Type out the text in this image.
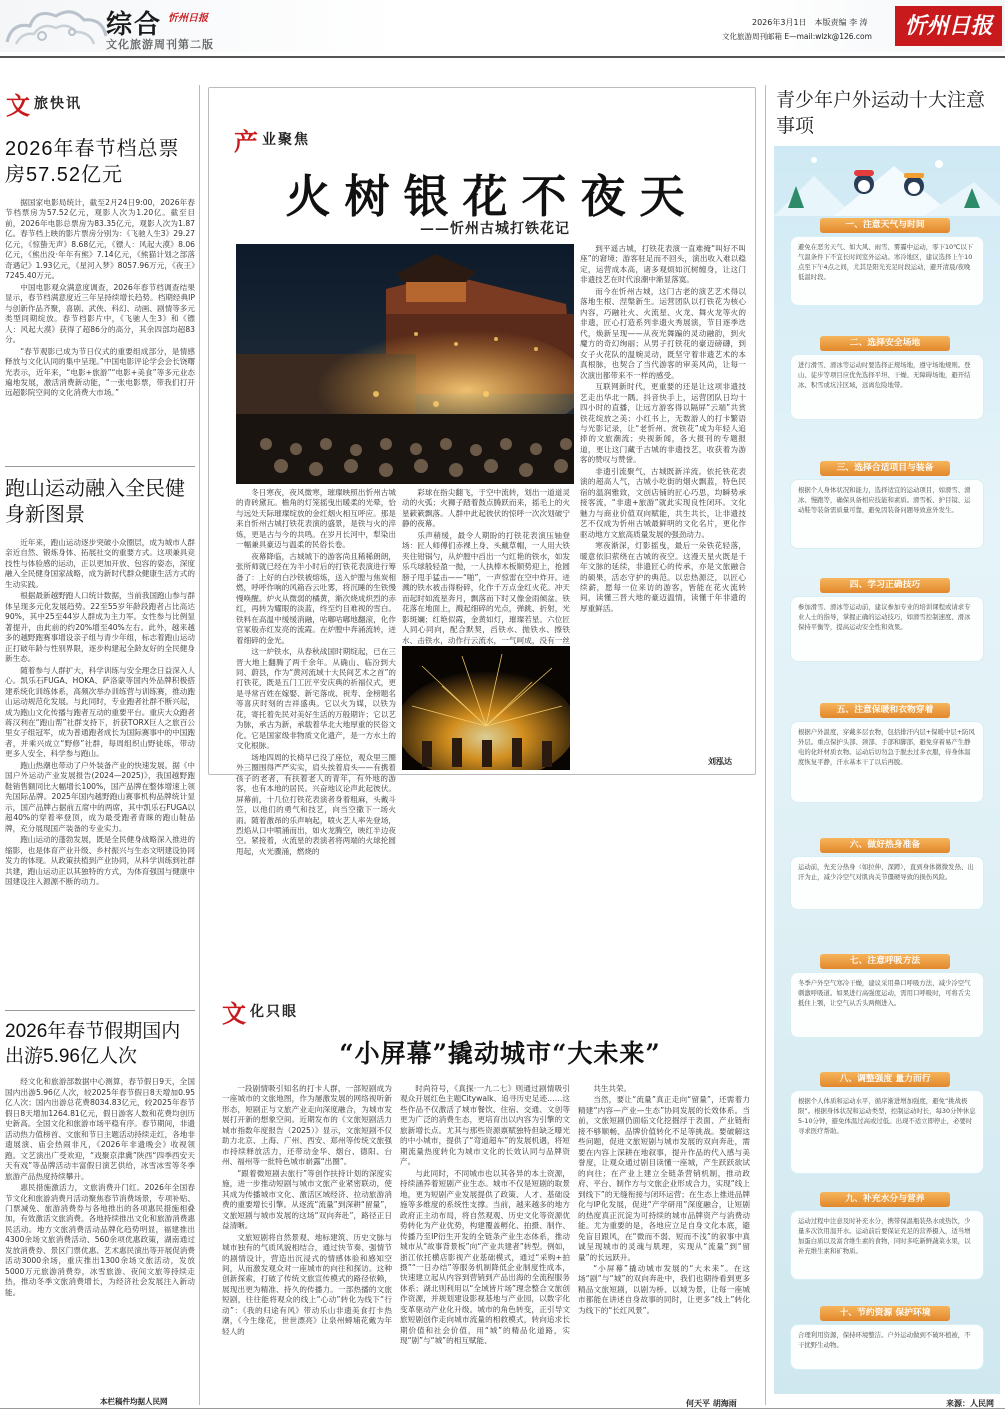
综合 忻州日报
文化旅游周刊第二版
2026年3月1日　本版责编 李 涛
文化旅游周刊邮箱 E—mail:wlzk@126.com	忻州日报
文 旅快讯
2026年春节档总票房57.52亿元

据国家电影局统计，截至2月24日9:00，2026年春节档票房为57.52亿元，观影人次为1.20亿。截至目前，2026年电影总票房为83.35亿元，观影人次为1.87亿。春节档上映的影片票房分别为：《飞驰人生3》29.27亿元，《惊蛰无声》8.68亿元，《镖人：风起大漠》8.06亿元，《熊出没·年年有熊》7.14亿元，《熊猫计划之部落奇遇记》1.93亿元，《星河入梦》8057.96万元，《夜王》7245.40万元。

中国电影观众满意度调查，2026年春节档调查结果显示，春节档满意度近三年呈持续增长趋势。档期经典IP与创新作品齐聚，喜剧、武侠、科幻、动画、剧情等多元类型同期绽放。春节档影片中，《飞驰人生3》和《镖人：风起大漠》获得了超86分的高分，其余四部均超83分。

“春节观影已成为节日仪式的重要组成部分，是情感释放与文化认同的集中呈现。”中国电影评论学会会长饶曙光表示，近年来，“电影+旅游”“电影+美食”等多元业态遍地发展，激活消费新动能，“一张电影票，带我们打开远超影院空间的文化消费大市场。”

跑山运动融入全民健身新图景

近年来，跑山运动逐步突破小众圈层，成为城市人群亲近自然、锻炼身体、拓展社交的重要方式。这项兼具竞技性与体验感的运动，正以更加开放、包容的姿态，深度融入全民健身国家战略，成为新时代群众健康生活方式的生动实践。

根据最新越野跑人口统计数据，当前我国跑山参与群体呈现多元化发展趋势。22至55岁年龄段跑者占比高达90%，其中25至44岁人群成为主力军。女性参与比例显著提升，由此前的约20%增至40%左右。此外，越来越多的越野跑赛事增设亲子组与青少年组，标志着跑山运动正打破年龄与性别界限，逐步构建起全龄友好的全民健身新生态。

随着参与人群扩大，科学训练与安全理念日益深入人心。凯乐石FUGA、HOKA、萨洛蒙等国内外品牌积极搭建系统化训练体系，高频次举办训练营与训练赛，推动跑山运动规范化发展。与此同时，专业跑者社群不断兴起，成为跑山文化传播与跑者互动的重要平台。重庆大众跑者蒋汉利在“跑山帮”社群支持下，折获TORX巨人之旅百公里女子组冠军，成为普通跑者成长为国际赛事中的中国跑者，并乘兴成立“野修”社群，每周组织山野徒练，带动更多人安全、科学参与跑山。

跑山热潮也带动了户外装备产业的快速发展。据《中国户外运动产业发展报告(2024—2025)》，我国越野跑鞋销售额同比大幅增长100%，国产品牌在整体增速上领先国际品牌。2025年国内越野跑山赛事机构品牌统计显示，国产品牌占据前五席中的两席，其中凯乐石FUGA以超40%的穿着率登顶，成为最受跑者青睐的跑山鞋品牌，充分展现国产装备的专业实力。

跑山运动的蓬勃发展，既是全民健身战略深入推进的缩影，也是体育产业升级、乡村振兴与生态文明建设协同发力的体现。从政策扶植到产业协同，从科学训练到社群共建，跑山运动正以其独特的方式，为体育强国与健康中国建设注入源源不断的动力。

2026年春节假期国内出游5.96亿人次

经文化和旅游部数据中心测算，春节假日9天，全国国内出游5.96亿人次，较2025年春节假日8天增加0.95亿人次；国内出游总花费8034.83亿元，较2025年春节假日8天增加1264.81亿元，假日游客人数和花费均创历史新高。全国文化和旅游市场平稳有序。春节期间，非遗活动热力值榜首、文旅和节日主题活动持续走红，各地非遗展演、庙会热闹非凡，《2026年非遗晚会》收视领跑。文艺演出广受欢迎，“戏聚京津冀”陕西“四季西安天天有戏”等品牌活动丰富假日演艺供给，冰雪冰雪等冬季旅游产品热度持续攀升。

惠民措施激活力，文旅消费升门红。2026年全国春节文化和旅游消费月活动聚焦春节消费场景，专项补贴、门票减免、旅游消费券与各地推出的各项惠民措施相叠加，有效激活文旅消费。各地持续推出文化和旅游消费惠民活动。地方文旅消费活动品牌化趋势明显，福建推出4300余场文旅消费活动、560余项优惠政策，湖南通过发放消费券、景区门票优惠、艺术惠民演出等开展促消费活动3000余场，重庆推出1300余场文旅活动，发放5000万元旅游消费券，冰雪旅游、夜间文旅等持续走热，推动冬季文旅消费增长，为经济社会发展注入新动能。

本栏稿件均据人民网
产 业聚焦
火树银花不夜天
——忻州古城打铁花记

冬日寒夜，夜风微寒，璀璨映照出忻州古城的青砖黛瓦。檐角的灯笼摇曳出暖柔的光晕，恰与远处天际璀璨绽放的金红烟火相互呼应。那是来自忻州古城打铁花表演的盛景，是铁与火的淬炼，更是古与今的共鸣。在岁月长河中，犁染出一幅兼具豪迈与温柔的民俗长卷。

夜幕降临，古城城下的游客尚且稀稀朗朗，张所师就已经在为半小时后的打铁花表演进行筹备了：上好的白沙铁被熔炼，送入炉膛与焦炭相燃，呼呼作响的风箱吞云吐雾，将沉睡的生铁慢慢唤醒。炉火从微弱的橘黄，渐次烧成炽烈的赤红，再转为耀眼的淡蓝，终至灼目难视的雪白。铁料在高温中缓缓消融，咕嘟咕嘟地翻滚，化作官冢般赤红发亮的流霞。在炉膛中奔涌流转，迸着细碎的金光。

这一炉铁水，从春秋战国时期绽起，已在三晋大地上翻腾了两千余年。从确山、临汾到大同、蔚县，作为“黄河流域十大民间艺术之首”的打铁花，既是五门工匠平安庆典的祈福仪式，更是寻常百姓在嫁娶、新宅落成、祝寿、金榜题名等喜庆时刻的吉祥盛典。它以火为媒，以铁为花，寄托着先民对美好生活的万般期许；它以艺为脉，承古为新，承载着华北大地厚重的民俗文化。它是国家级非物质文化遗产，是一方水土的文化根脉。

场地四周的长椅早已没了座位，观众里三圈外三圈围得严严实实，肩头挨着肩头——有携着孩子的老者，有扶着老人的青年，有外地的游客，也有本地的居民。兴奋地议论声此起彼伏。屏幕前，十几位打铁花表演者身着粗麻，头戴斗笠，以他们的勇气和技艺，向当空撒下一场火雨。随着激昂的乐声响起，喷火艺人率先登场，烈焰从口中喷涌而出，如火龙腾空，映红半边夜空。紧接着，火流星的表演者将两端的火球抡圆甩起，火光骤涌，燃烧的

彩球在指尖翻飞，于空中流转，划出一道道灵动的火弧；火狮子踏着鼓点腾跃而来，摇毛上的火星簌簌飘落。人群中此起彼伏的惊呼一次次划破宁静的夜幕。

乐声稍缓，最令人期盼的打铁花表演压轴登场：匠人师傅们赤裸上身、头戴草帽，一人用大铁夹住钳锅勺，从炉膛中舀出一勺红艳的铁水，如发乐乓球般轻盈一抛，一人执棒木板顺势迎上，抢圆膀子甩手猛击——“啪”，一声惊雷在空中炸开。迸溅的铁水被击得粉碎，化作千万点金红火花。冲天而起时如流星奔月，飘落而下时又像金雨倾盆。铁花落在地面上，溅起细碎的光点，弹跳、折射，光影斑斓；红艳似霞，金黄如灯，璀璨若星。六位匠人同心同向，配合默契，舀铁水、抛铁水、擦铁水、击铁水，动作行云流水，一气呵成，没有一丝

到平遥古城，打铁花表演一直难掩“叫好不叫座”的窘境；游客驻足而不回头，演出收入难以稳定，运营成本高，诸多观烦如沉树缠身，让这门非遗技艺在时代浪潮中渐显落寞。

而今在忻州古城，这门古老的演艺艺术得以落地生根、涅槃新生。运营团队以打铁花为核心内容，巧融社火、火流星、火龙、舞火龙等火的非遗，匠心打造系列非遗火秀展演，节目逐季迭代，焕新呈现——从夜光舞蹁的灵动融韵，到火魔方的奇幻绚丽；从男子打铁花的豪迈磅礴，到女子火花队的温婉灵动，既坚守着非遗艺术的本真根脉，也契合了当代游客的审美风尚，让每一次演出都带来不一样的感受。

互联网新时代，更重要的还是让这项非遗技艺走出华北一隅。抖音快手上，运营团队日均十四小时的直播，让远方游客得以隔屏“云端”共赏铁花绽放之美；小红书上，无数游人的打卡繁语与光影记录，让“老忻州、赏铁花”成为年轻人追捧的文旅潮流；央视新闻，各大报刊的专题报道，更让这门藏于古城的非遗技艺，收获着为游客的赞叹与赞誉。

非遗引流聚气，古城既新洋流。依托铁花表演的超高人气，古城小吃街的烟火飘蓝，特色民宿的温润雅致，文创店铺的匠心巧思，均瞬势承接客流，“非遗+旅游”就此实现良性闭环。文化魅力与商业价值双向赋能，共生共长，让非遗技艺不仅成为忻州古城最鲜明的文化名片，更化作驱动地方文旅高质量发展的强劲动力。

寒夜渐深，灯影摇曳，最后一朵铁花轻落，暖意依旧萦绕在古城的夜空。这漫天星火既是千年文脉的延续，非遗匠心的传承，亦是文旅融合的硕果，活态守护的典范。以忠热源泛，以匠心续薪，愿每一位来访的游客，皆能在花火流转间，读懂三晋大地的豪迈温情，读懂千年非遗的厚重鲜活。

刘泓达
文 化只眼
“小屏幕”撬动城市“大未来”

一段剧情吸引知名的打卡人群，一部短剧成为一座城市的文旅地图，作为屡激发展的网络视听新形态，短剧正与文旅产业走向深度融合，为城市发展打开新的想象空间。近期发布的《文旅短剧活力城市指数年度报告（2025）》显示，文旅短剧不仅助力北京、上海、广州、西安、郑州等传统文旅强市持续释放活力，还带动金华、烟台、德阳、台州、福州等一批特色城市崭露“出圈”。

“跟着微短剧去旅行”等创作扶持计划的深度实施，进一步推动短剧与城市文旅产业紧密联动，使其成为传播城市文化、激活区域经济、拉动旅游消费的重要增长引擎。从逐流“流量”到深耕“留量”，文旅短剧与城市发展的这场“双向奔赴”，路径正日益清晰。

文旅短剧将自然景观、地标建筑、历史文脉与城市独有的气质风貌相结合，通过快节奏、强情节的剧情设计，营造出沉浸式的情感体验和感知空间，从而激发观众对一座城市的向往和探访。这种创新探索，打破了传统文旅宣传模式的路径依赖，展现出更为精准、持久的传播力。一部热播的文旅短剧，往往能将观众的线上“心动”转化为线下“行动”：《我的归途有风》带动乐山非遗美食打卡热潮，《今生缘花，世世漂亮》让泉州蟳埔花戴为年轻人的

时尚符号，《真探·一九二七》则通过剧情吸引观众开展红色主题Citywalk、追寻历史足迹……这些作品不仅激活了城市餐饮、住宿、交通、文创等更为广泛的消费生态，更培育出以内容为引擎的文旅新增长点。尤其与那些资源禀赋独特但缺乏曝光的中小城市，提供了“弯道超车”的发展机遇，将短期流量热度转化为城市文化的长效认同与品牌资产。

与此同时，不同城市也以其各异的本土资源，持续涵养着短剧产业生态。城市不仅是短剧的取景地，更为短剧产业发展提供了政策、人才、基础设施等多维度的系统性支撑。当前，越来越多的地方政府正主动布局，将自然观观、历史文化等资源优势转化为产业优势，构建覆盖孵化、拍摄、制作、传播乃至IP衍生开发的全链条产业生态体系，推动城市从“故事背景板”向“产业共建者”转型。例如，浙江依托横店影视产业基础模式，通过“采购+拍摄”“一日办结”等服务机制降低企业制度性成本，快速建立起从内容到营销到产品出海的全流程服务体系；湖北则利用以“全域皆片场”理念整合文旅创作资源，并规划建设影视基地与产业园，以数字化变革驱动产业化升级。城市的角色转变，正引导文旅短剧创作走向城市流量的相救模式，转向追求长期价值和社会价值，用“城”的精品化道路，实现“剧”与“城”的相互赋能、

共生共荣。

当然，要让“流量”真正走向“留量”，还需着力精建“内容—产业—生态”协同发展的长效体系。当前，文旅短剧仍面临文化挖掘浮于表面、产业链衔接不够顺畅、品牌价值转化不足等挑战。要破解这些问题，促进文旅短剧与城市发展的双向奔赴，需要在内容上深耕在地叙事，提升作品的代入感与美誉度，让观众通过剧目读懂一座城，产生跃跃欲试的向往；在产业上建立全链条营销机制，推动政府、平台、制作方与文旅企业形成合力，实现“线上到线下”的无缝衔接与闭环运营；在生态上推进品牌化与IP化发展，促进“产学研用”深度融合，让短剧的热度真正沉淀为可持续的城市品牌资产与消费动能。尤为重要的是，各地应立足自身文化本底，避免盲目跟风，在“微而不弱、短而不浅”的叙事中真诚呈现城市的灵魂与肌理，实现从“流量”到“留量”的长远跃升。

“小屏幕”撬动城市发展的“大未来”。在这场“剧”与“城”的双向奔赴中，我们也期待看到更多精品文旅短剧，以剧为桥、以城为景，让每一座城市都能在讲述自身故事的同时，让更多“线上”转化为线下的“长红风景”。

何天平 胡海雨
青少年户外运动十大注意事项
一、注意天气与时间
避免在恶劣天气、如大风、雨雪、雾霾中运动，零下10℃以下气温条件下不宜长时间室外运动。寒冷地区，建议选择上午10点至下午4点之间，尤其是阳光充足时段运动，避开清晨/夜晚低温时段。
二、选择安全场地
进行滑雪、滑冰等运动时要选择正规场地，遵守场地规则。登山、徒步等项目应优先选择平坦、干燥、无障碍场地，避开结冰、积雪或坑洼区域，远离危险地带。
三、选择合适项目与装备
根据个人身体状况和能力，选择适宜的运动项目，如滑雪、滑冰、慢跑等，确保具备相应技能和素质。滑雪板、护目镜、运动鞋等装备需质量可靠，避免因装备问题导致意外发生。
四、学习正确技巧
参加滑雪、滑冰等运动前，建议参加专业的培训课程或请求专业人士的指导，掌握正确的运动技巧，如滑雪控制速度、滑冰保持平衡等，提高运动安全性和效果。
五、注意保暖和衣物穿着
根据户外温度，穿戴多层衣物，包括排汗内层+保暖中层+防风外层。重点保护头部、颈部、手部和脚部，避免穿着易产生静电的化纤材质衣物。运动后切勿急于脱去过多衣服，待身体温度恢复平静，汗水基本干了以后再脱。
六、做好热身准备
运动前，先充分热身（如拉伸、深蹲），直到身体微微发热、出汗为止，减少冷空气对肌肉关节僵硬导致的损伤风险。
七、注意呼吸方法
冬季户外空气寒冷干燥，建议采用鼻口呼吸方法，减少冷空气刺激呼吸道。如果进行高强度运动，需用口呼吸时，可将舌尖抵住上颚，让空气从舌头两侧进入。
八、调整强度 量力而行
根据个人体质和运动水平，循序渐进增加强度，避免“挑战极限”。根据身体状况和运动类型，控制运动时长，每30分钟休息5-10分钟，避免体温过高或过低。出现不适立即停止，必要时寻求医疗帮助。
九、补充水分与营养
运动过程中注意及时补充水分，携带保温瓶装热水或热饮，少量多次饮用温开水。运动前后要保证充足的营养摄入，适当增加蛋白质以及富含维生素的食物，同时多吃新鲜蔬菜水果，以补充维生素和矿物质。
十、节约资源 保护环境
合理利用资源，保持环境整洁。户外运动做到不破坏植被，不干扰野生动物。
来源：人民网
